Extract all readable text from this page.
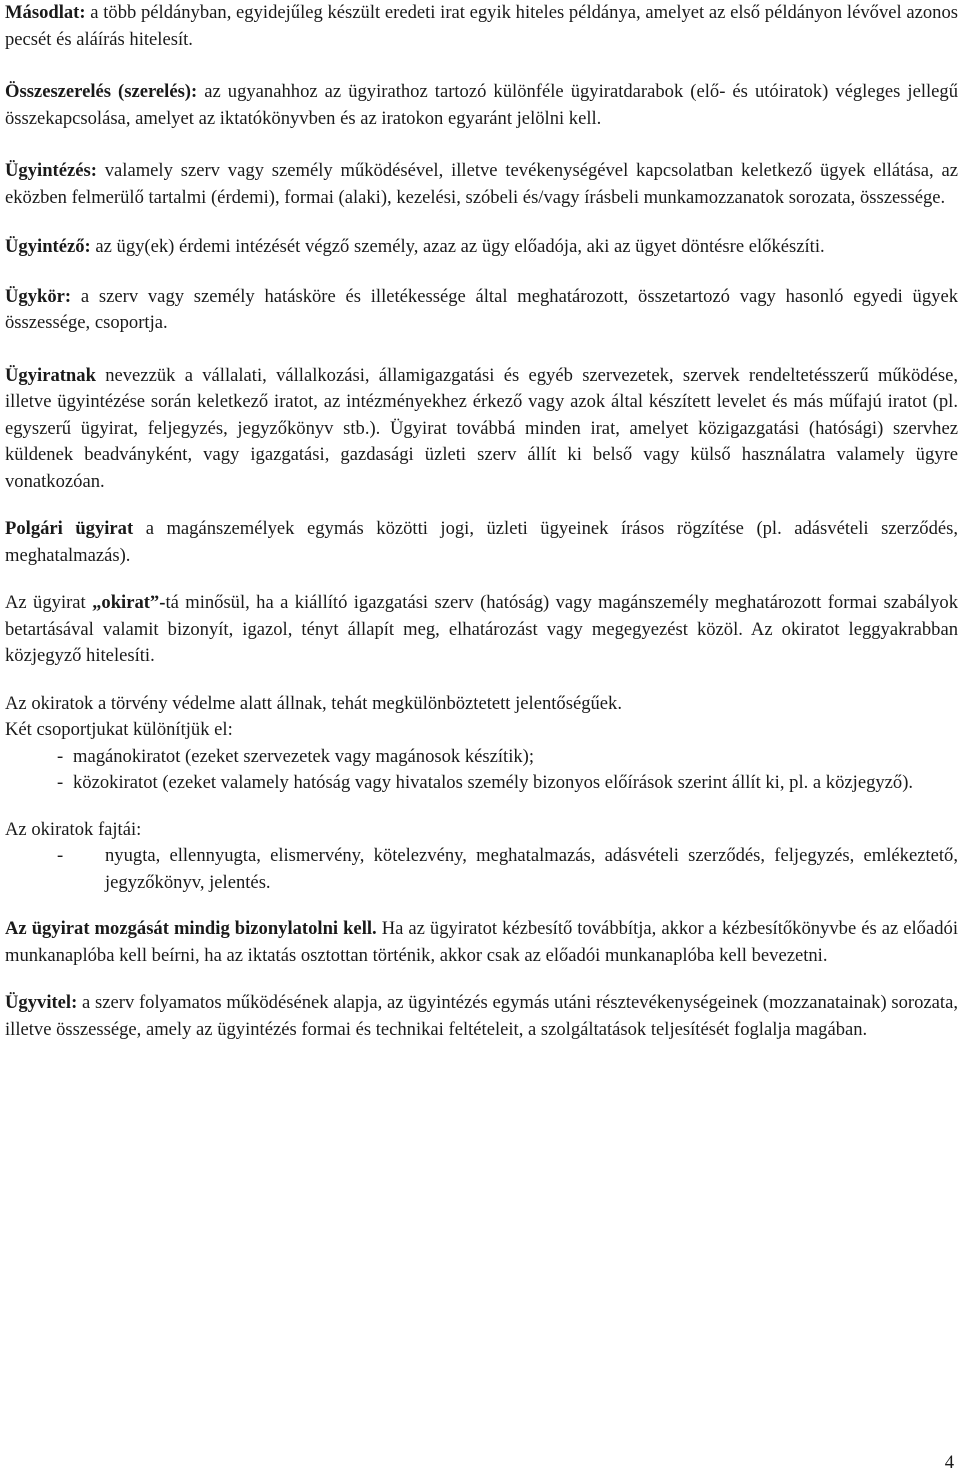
Másodlat: a több példányban, egyidejűleg készült eredeti irat egyik hiteles példánya, amelyet az első példányon lévővel azonos pecsét és aláírás hitelesít.

Összeszerelés (szerelés): az ugyanahhoz az ügyirathoz tartozó különféle ügyiratdarabok (elő- és utóiratok) végleges jellegű összekapcsolása, amelyet az iktatókönyvben és az iratokon egyaránt jelölni kell.

Ügyintézés: valamely szerv vagy személy működésével, illetve tevékenységével kapcsolatban keletkező ügyek ellátása, az eközben felmerülő tartalmi (érdemi), formai (alaki), kezelési, szóbeli és/vagy írásbeli munkamozzanatok sorozata, összessége.

Ügyintéző: az ügy(ek) érdemi intézését végző személy, azaz az ügy előadója, aki az ügyet döntésre előkészíti.

Ügykör: a szerv vagy személy hatásköre és illetékessége által meghatározott, összetartozó vagy hasonló egyedi ügyek összessége, csoportja.

Ügyiratnak nevezzük a vállalati, vállalkozási, államigazgatási és egyéb szervezetek, szervek rendeltetésszerű működése, illetve ügyintézése során keletkező iratot, az intézményekhez érkező vagy azok által készített levelet és más műfajú iratot (pl. egyszerű ügyirat, feljegyzés, jegyzőkönyv stb.). Ügyirat továbbá minden irat, amelyet közigazgatási (hatósági) szervhez küldenek beadványként, vagy igazgatási, gazdasági üzleti szerv állít ki belső vagy külső használatra valamely ügyre vonatkozóan.

Polgári ügyirat a magánszemélyek egymás közötti jogi, üzleti ügyeinek írásos rögzítése (pl. adásvételi szerződés, meghatalmazás).

Az ügyirat „okirat”-tá minősül, ha a kiállító igazgatási szerv (hatóság) vagy magánszemély meghatározott formai szabályok betartásával valamit bizonyít, igazol, tényt állapít meg, elhatározást vagy megegyezést közöl. Az okiratot leggyakrabban közjegyző hitelesíti.

Az okiratok a törvény védelme alatt állnak, tehát megkülönböztetett jelentőségűek.
Két csoportjukat különítjük el:

- magánokiratot (ezeket szervezetek vagy magánosok készítik);
- közokiratot (ezeket valamely hatóság vagy hivatalos személy bizonyos előírások szerint állít ki, pl. a közjegyző).

Az okiratok fajtái:

- nyugta, ellennyugta, elismervény, kötelezvény, meghatalmazás, adásvételi szerződés, feljegyzés, emlékeztető, jegyzőkönyv, jelentés.

Az ügyirat mozgását mindig bizonylatolni kell. Ha az ügyiratot kézbesítő továbbítja, akkor a kézbesítőkönyvbe és az előadói munkanaplóba kell beírni, ha az iktatás osztottan történik, akkor csak az előadói munkanaplóba kell bevezetni.

Ügyvitel: a szerv folyamatos működésének alapja, az ügyintézés egymás utáni résztevékenységeinek (mozzanatainak) sorozata, illetve összessége, amely az ügyintézés formai és technikai feltételeit, a szolgáltatások teljesítését foglalja magában.

4
